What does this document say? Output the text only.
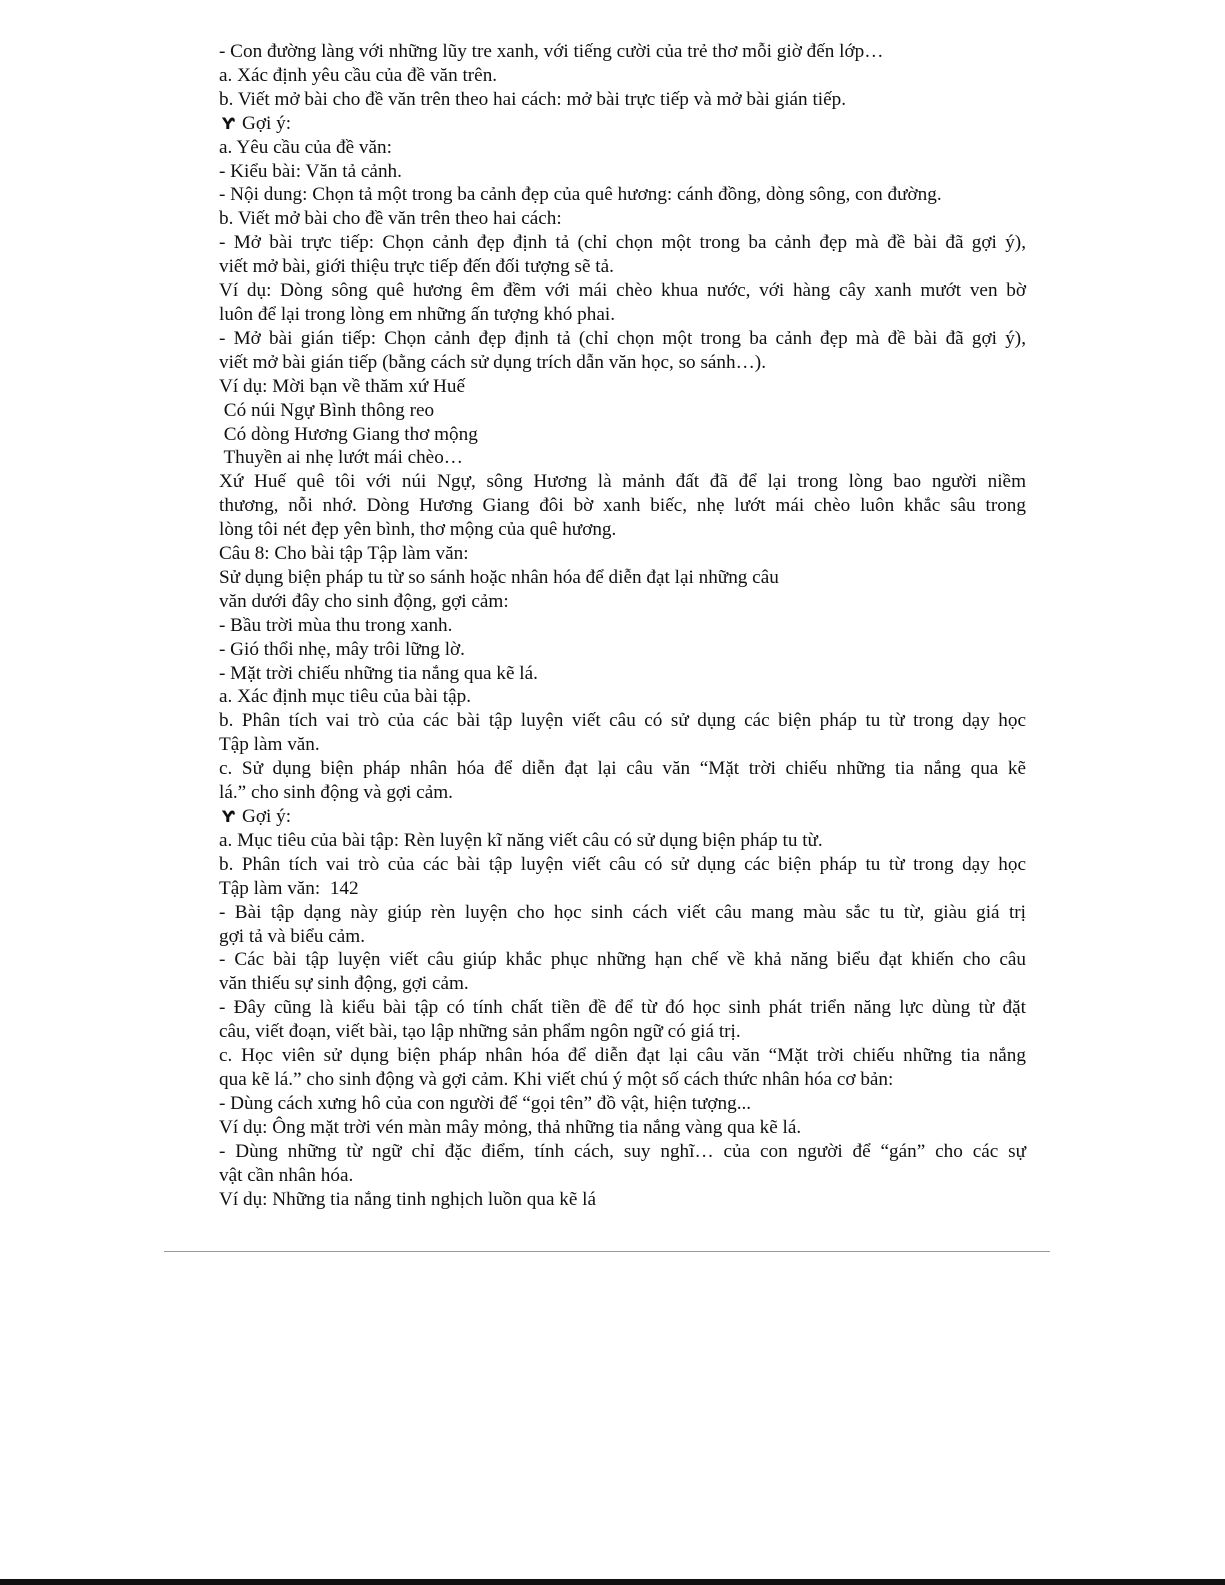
- Con đường làng với những lũy tre xanh, với tiếng cười của trẻ thơ mỗi giờ đến lớp…
a. Xác định yêu cầu của đề văn trên.
b. Viết mở bài cho đề văn trên theo hai cách: mở bài trực tiếp và mở bài gián tiếp.
Ƴ Gợi ý:
a. Yêu cầu của đề văn:
- Kiểu bài: Văn tả cảnh.
- Nội dung: Chọn tả một trong ba cảnh đẹp của quê hương: cánh đồng, dòng sông, con đường.
b. Viết mở bài cho đề văn trên theo hai cách:
- Mở bài trực tiếp: Chọn cảnh đẹp định tả (chỉ chọn một trong ba cảnh đẹp mà đề bài đã gợi ý),
viết mở bài, giới thiệu trực tiếp đến đối tượng sẽ tả.
Ví dụ: Dòng sông quê hương êm đềm với mái chèo khua nước, với hàng cây xanh mướt ven bờ
luôn để lại trong lòng em những ấn tượng khó phai.
- Mở bài gián tiếp: Chọn cảnh đẹp định tả (chỉ chọn một trong ba cảnh đẹp mà đề bài đã gợi ý),
viết mở bài gián tiếp (bằng cách sử dụng trích dẫn văn học, so sánh…).
Ví dụ: Mời bạn về thăm xứ Huế
Có núi Ngự Bình thông reo
Có dòng Hương Giang thơ mộng
Thuyền ai nhẹ lướt mái chèo…
Xứ Huế quê tôi với núi Ngự, sông Hương là mảnh đất đã để lại trong lòng bao người niềm
thương, nỗi nhớ. Dòng Hương Giang đôi bờ xanh biếc, nhẹ lướt mái chèo luôn khắc sâu trong
lòng tôi nét đẹp yên bình, thơ mộng của quê hương.
Câu 8: Cho bài tập Tập làm văn:
Sử dụng biện pháp tu từ so sánh hoặc nhân hóa để diễn đạt lại những câu
văn dưới đây cho sinh động, gợi cảm:
- Bầu trời mùa thu trong xanh.
- Gió thổi nhẹ, mây trôi lững lờ.
- Mặt trời chiếu những tia nắng qua kẽ lá.
a. Xác định mục tiêu của bài tập.
b. Phân tích vai trò của các bài tập luyện viết câu có sử dụng các biện pháp tu từ trong dạy học
Tập làm văn.
c. Sử dụng biện pháp nhân hóa để diễn đạt lại câu văn “Mặt trời chiếu những tia nắng qua kẽ
lá.” cho sinh động và gợi cảm.
Ƴ Gợi ý:
a. Mục tiêu của bài tập: Rèn luyện kĩ năng viết câu có sử dụng biện pháp tu từ.
b. Phân tích vai trò của các bài tập luyện viết câu có sử dụng các biện pháp tu từ trong dạy học
Tập làm văn:  142
- Bài tập dạng này giúp rèn luyện cho học sinh cách viết câu mang màu sắc tu từ, giàu giá trị
gợi tả và biểu cảm.
- Các bài tập luyện viết câu giúp khắc phục những hạn chế về khả năng biểu đạt khiến cho câu
văn thiếu sự sinh động, gợi cảm.
- Đây cũng là kiểu bài tập có tính chất tiền đề để từ đó học sinh phát triển năng lực dùng từ đặt
câu, viết đoạn, viết bài, tạo lập những sản phẩm ngôn ngữ có giá trị.
c. Học viên sử dụng biện pháp nhân hóa để diễn đạt lại câu văn “Mặt trời chiếu những tia nắng
qua kẽ lá.” cho sinh động và gợi cảm. Khi viết chú ý một số cách thức nhân hóa cơ bản:
- Dùng cách xưng hô của con người để “gọi tên” đồ vật, hiện tượng...
Ví dụ: Ông mặt trời vén màn mây mỏng, thả những tia nắng vàng qua kẽ lá.
- Dùng những từ ngữ chỉ đặc điểm, tính cách, suy nghĩ… của con người để “gán” cho các sự
vật cần nhân hóa.
Ví dụ: Những tia nắng tinh nghịch luồn qua kẽ lá
